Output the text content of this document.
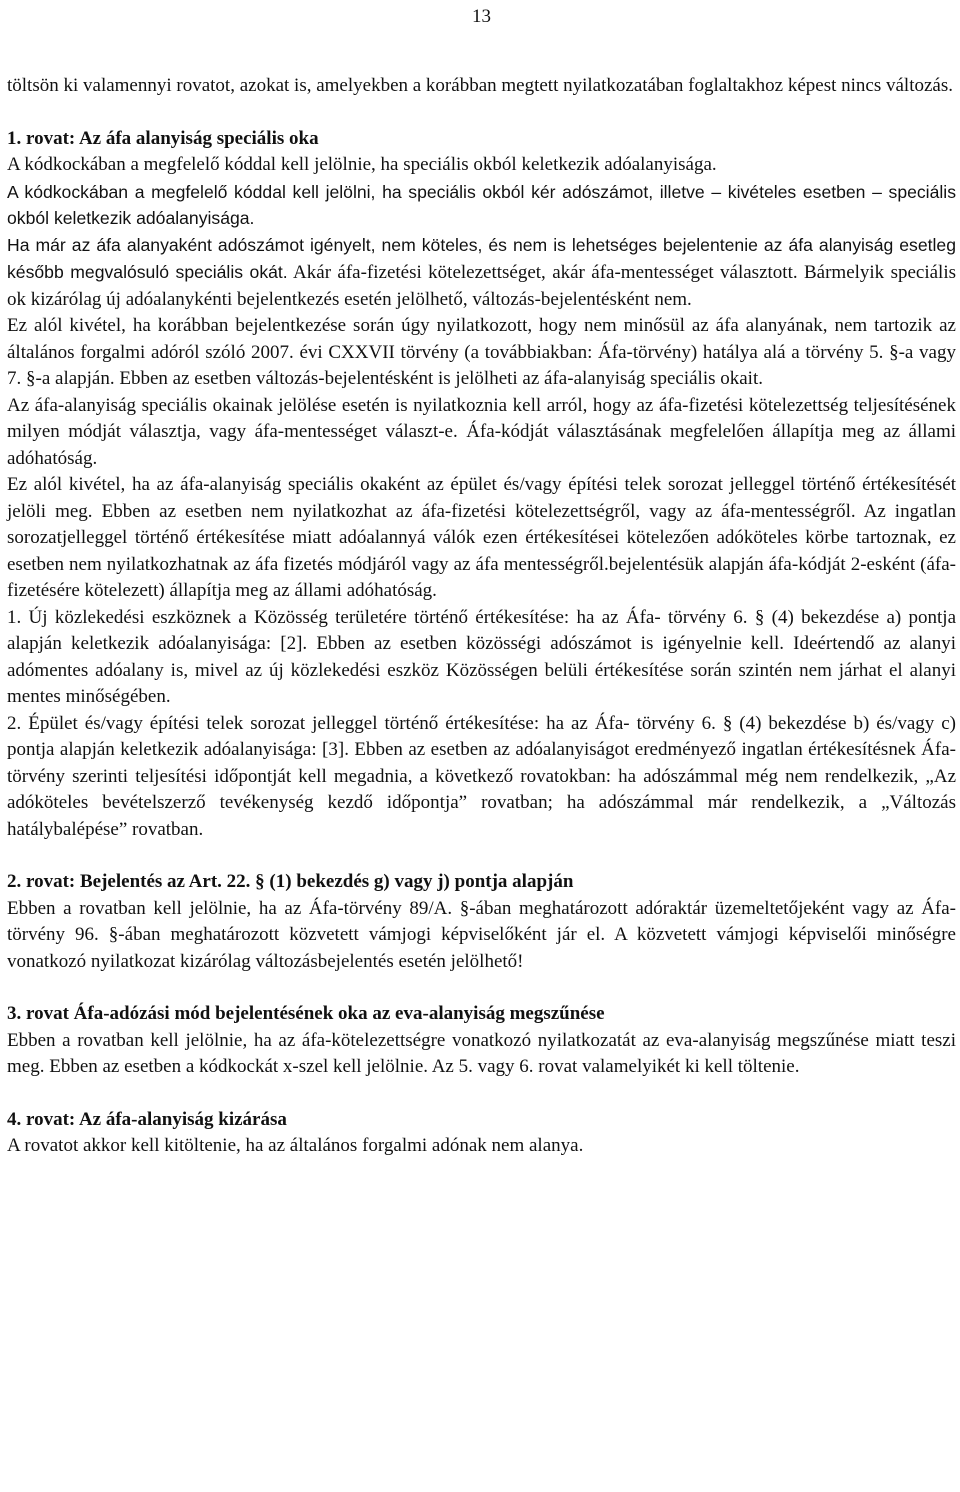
13

töltsön ki valamennyi rovatot, azokat is, amelyekben a korábban megtett nyilatkozatában foglaltakhoz képest nincs változás.

1. rovat: Az áfa alanyiság speciális oka

A kódkockában a megfelelő kóddal kell jelölnie, ha speciális okból keletkezik adóalanyisága.

A kódkockában a megfelelő kóddal kell jelölni, ha speciális okból kér adószámot, illetve – kivételes esetben – speciális okból keletkezik adóalanyisága.

Ha már az áfa alanyaként adószámot igényelt, nem köteles, és nem is lehetséges bejelentenie az áfa alanyiság esetleg később megvalósuló speciális okát. Akár áfa-fizetési kötelezettséget, akár áfa-mentességet választott. Bármelyik speciális ok kizárólag új adóalanykénti bejelentkezés esetén jelölhető, változás-bejelentésként nem.

Ez alól kivétel, ha korábban bejelentkezése során úgy nyilatkozott, hogy nem minősül az áfa alanyának, nem tartozik az általános forgalmi adóról szóló 2007. évi CXXVII törvény (a továbbiakban: Áfa-törvény) hatálya alá a törvény 5. §-a vagy 7. §-a alapján. Ebben az esetben változás-bejelentésként is jelölheti az áfa-alanyiság speciális okait.

Az áfa-alanyiság speciális okainak jelölése esetén is nyilatkoznia kell arról, hogy az áfa-fizetési kötelezettség teljesítésének milyen módját választja, vagy áfa-mentességet választ-e. Áfa-kódját választásának megfelelően állapítja meg az állami adóhatóság.

Ez alól kivétel, ha az áfa-alanyiság speciális okaként az épület és/vagy építési telek sorozat jelleggel történő értékesítését jelöli meg. Ebben az esetben nem nyilatkozhat az áfa-fizetési kötelezettségről, vagy az áfa-mentességről. Az ingatlan sorozatjelleggel történő értékesítése miatt adóalannyá válók ezen értékesítései kötelezően adóköteles körbe tartoznak, ez esetben nem nyilatkozhatnak az áfa fizetés módjáról vagy az áfa mentességről.bejelentésük alapján áfa-kódját 2-esként (áfa-fizetésére kötelezett) állapítja meg az állami adóhatóság.

1. Új közlekedési eszköznek a Közösség területére történő értékesítése: ha az Áfa- törvény 6. § (4) bekezdése a) pontja alapján keletkezik adóalanyisága: [2]. Ebben az esetben közösségi adószámot is igényelnie kell. Ideértendő az alanyi adómentes adóalany is, mivel az új közlekedési eszköz Közösségen belüli értékesítése során szintén nem járhat el alanyi mentes minőségében.

2. Épület és/vagy építési telek sorozat jelleggel történő értékesítése: ha az Áfa- törvény 6. § (4) bekezdése b) és/vagy c) pontja alapján keletkezik adóalanyisága: [3]. Ebben az esetben az adóalanyiságot eredményező ingatlan értékesítésnek Áfa-törvény szerinti teljesítési időpontját kell megadnia, a következő rovatokban: ha adószámmal még nem rendelkezik, „Az adóköteles bevételszerző tevékenység kezdő időpontja” rovatban; ha adószámmal már rendelkezik, a „Változás hatálybalépése” rovatban.

2. rovat: Bejelentés az Art. 22. § (1) bekezdés g) vagy j) pontja alapján

Ebben a rovatban kell jelölnie, ha az Áfa-törvény 89/A. §-ában meghatározott adóraktár üzemeltetőjeként vagy az Áfa-törvény 96. §-ában meghatározott közvetett vámjogi képviselőként jár el. A közvetett vámjogi képviselői minőségre vonatkozó nyilatkozat kizárólag változásbejelentés esetén jelölhető!

3. rovat Áfa-adózási mód bejelentésének oka az eva-alanyiság megszűnése

Ebben a rovatban kell jelölnie, ha az áfa-kötelezettségre vonatkozó nyilatkozatát az eva-alanyiság megszűnése miatt teszi meg. Ebben az esetben a kódkockát x-szel kell jelölnie. Az 5. vagy 6. rovat valamelyikét ki kell töltenie.

4. rovat: Az áfa-alanyiság kizárása

A rovatot akkor kell kitöltenie, ha az általános forgalmi adónak nem alanya.
